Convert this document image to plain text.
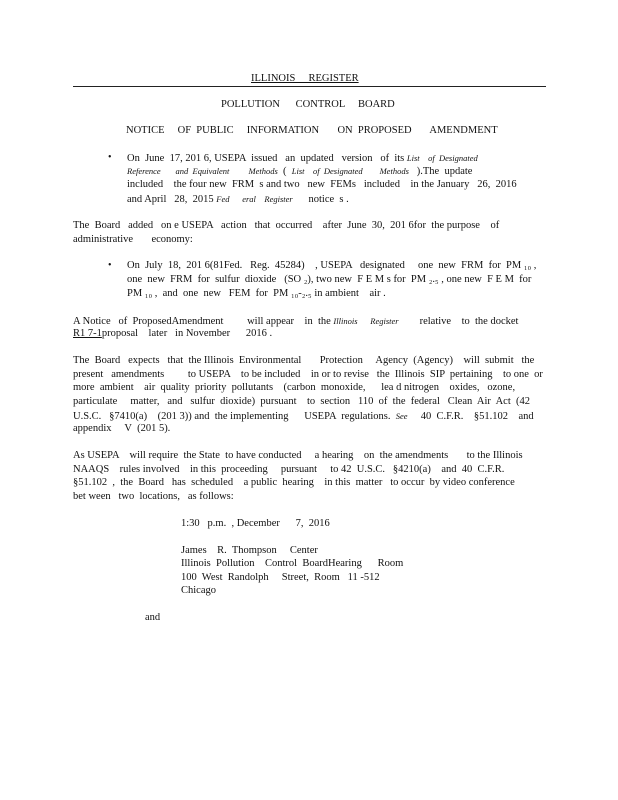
ILLINOIS     REGISTER
POLLUTION      CONTROL     BOARD
NOTICE     OF  PUBLIC     INFORMATION       ON  PROPOSED       AMENDMENT
• On  June  17, 201 6, USEPA  issued   an  updated   version   of  its List    of  Designated
Reference       and  Equivalent         Methods  (  List    of  Designated        Methods   ).The  update
included    the four new  FRM  s and two   new  FEMs   included    in the January   26,  2016
and April   28,  2015 Fed      eral    Register      notice  s .
The  Board   added   on e USEPA   action   that  occurred    after  June  30,  201 6for  the purpose    of
administrative       economy:
• On  July  18,  201 6(81Fed.   Reg.  45284)    , USEPA   designated     one  new  FRM  for  PM ₁₀ ,
one  new  FRM  for  sulfur  dioxide   (SO ₂), two new  F E M s for  PM ₂.₅ , one new  F E M  for
PM ₁₀ ,  and  one  new   FEM  for  PM ₁₀-₂.₅ in ambient    air .
A Notice   of  ProposedAmendment         will appear    in  the Illinois      Register        relative    to  the docket
R1 7-1proposal    later   in November      2016 .
The  Board   expects   that  the Illinois  Environmental       Protection     Agency  (Agency)    will  submit   the
present   amendments         to USEPA    to be included    in or to revise   the  Illinois  SIP  pertaining    to one  or
more  ambient    air  quality  priority  pollutants    (carbon  monoxide,      lea d nitrogen    oxides,   ozone,
particulate     matter,   and   sulfur  dioxide)  pursuant    to  section   110  of  the  federal   Clean  Air  Act  (42
U.S.C.   §7410(a)    (201 3)) and  the implementing      USEPA  regulations.  See     40  C.F.R.    §51.102    and
appendix     V  (201 5).
As USEPA    will require  the State  to have conducted     a hearing    on  the amendments       to the Illinois
NAAQS    rules involved    in this  proceeding     pursuant     to 42  U.S.C.   §4210(a)    and  40  C.F.R.
§51.102  ,  the  Board   has  scheduled    a public  hearing    in this  matter   to occur  by video conference
bet ween   two  locations,   as follows:
1:30   p.m.  , December      7,  2016
James    R.  Thompson     Center
Illinois  Pollution    Control  BoardHearing      Room
100  West  Randolph     Street,  Room   11 -512
Chicago
and
